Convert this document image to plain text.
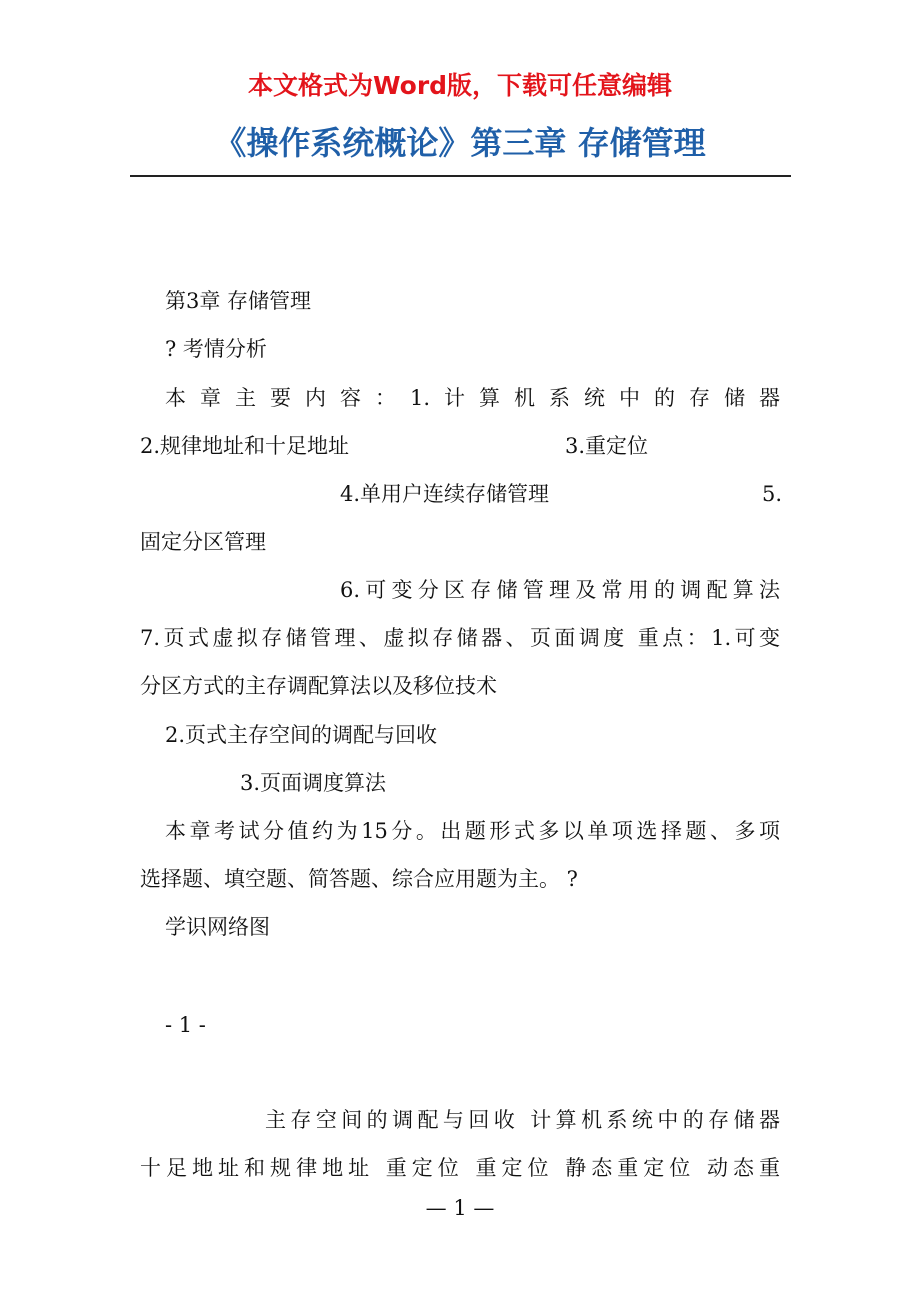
本文格式为Word版，下载可任意编辑
《操作系统概论》第三章 存储管理
第3章 存储管理
? 考情分析
本章主要内容：1.计算机系统中的存储器
2.规律地址和十足地址	3.重定位
4.单用户连续存储管理	5.
固定分区管理
6.可变分区存储管理及常用的调配算法
7.页式虚拟存储管理、虚拟存储器、页面调度 重点：1.可变
分区方式的主存调配算法以及移位技术
2.页式主存空间的调配与回收
3.页面调度算法
本章考试分值约为15分。出题形式多以单项选择题、多项
选择题、填空题、简答题、综合应用题为主。 ?
学识网络图
- 1 -
主存空间的调配与回收 计算机系统中的存储器
十足地址和规律地址 重定位 重定位 静态重定位 动态重
— 1 —
